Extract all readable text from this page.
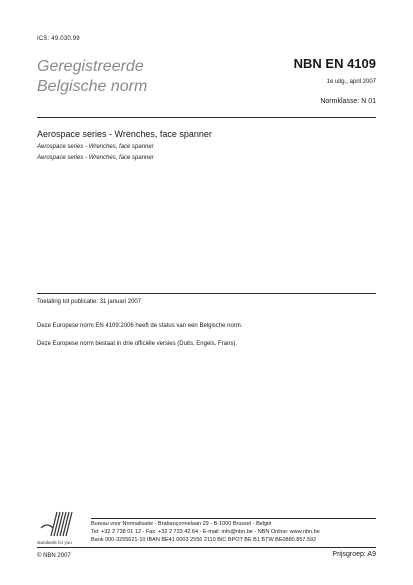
ICS: 49.030.99
Geregistreerde
Belgische norm
NBN EN 4109
1e uitg., april 2007
Normklasse: N 01
Aerospace series - Wrenches, face spanner
Aerospace series - Wrenches, face spanner
Aerospace series - Wrenches, face spanner
Toelating tot publicatie: 31 januari 2007
Deze Europese norm EN 4109:2006 heeft de status van een Belgische norm.
Deze Europese norm bestaat in drie officiële versies (Duits, Engels, Frans).
standards for you
Bureau voor Normalisatie - Brabançonnelaan 29 - B-1000 Brussel - België
Tel: +32 2 738 01 12 - Fax: +32 2 733 42 64 - E-mail: info@nbn.be - NBN Online: www.nbn.be
Bank 000-3255621-10 IBAN BE41 0003 2556 2110 BIC BPOT BE B1 BTW BE0880.857.592
© NBN 2007	Prijsgroep: A9
